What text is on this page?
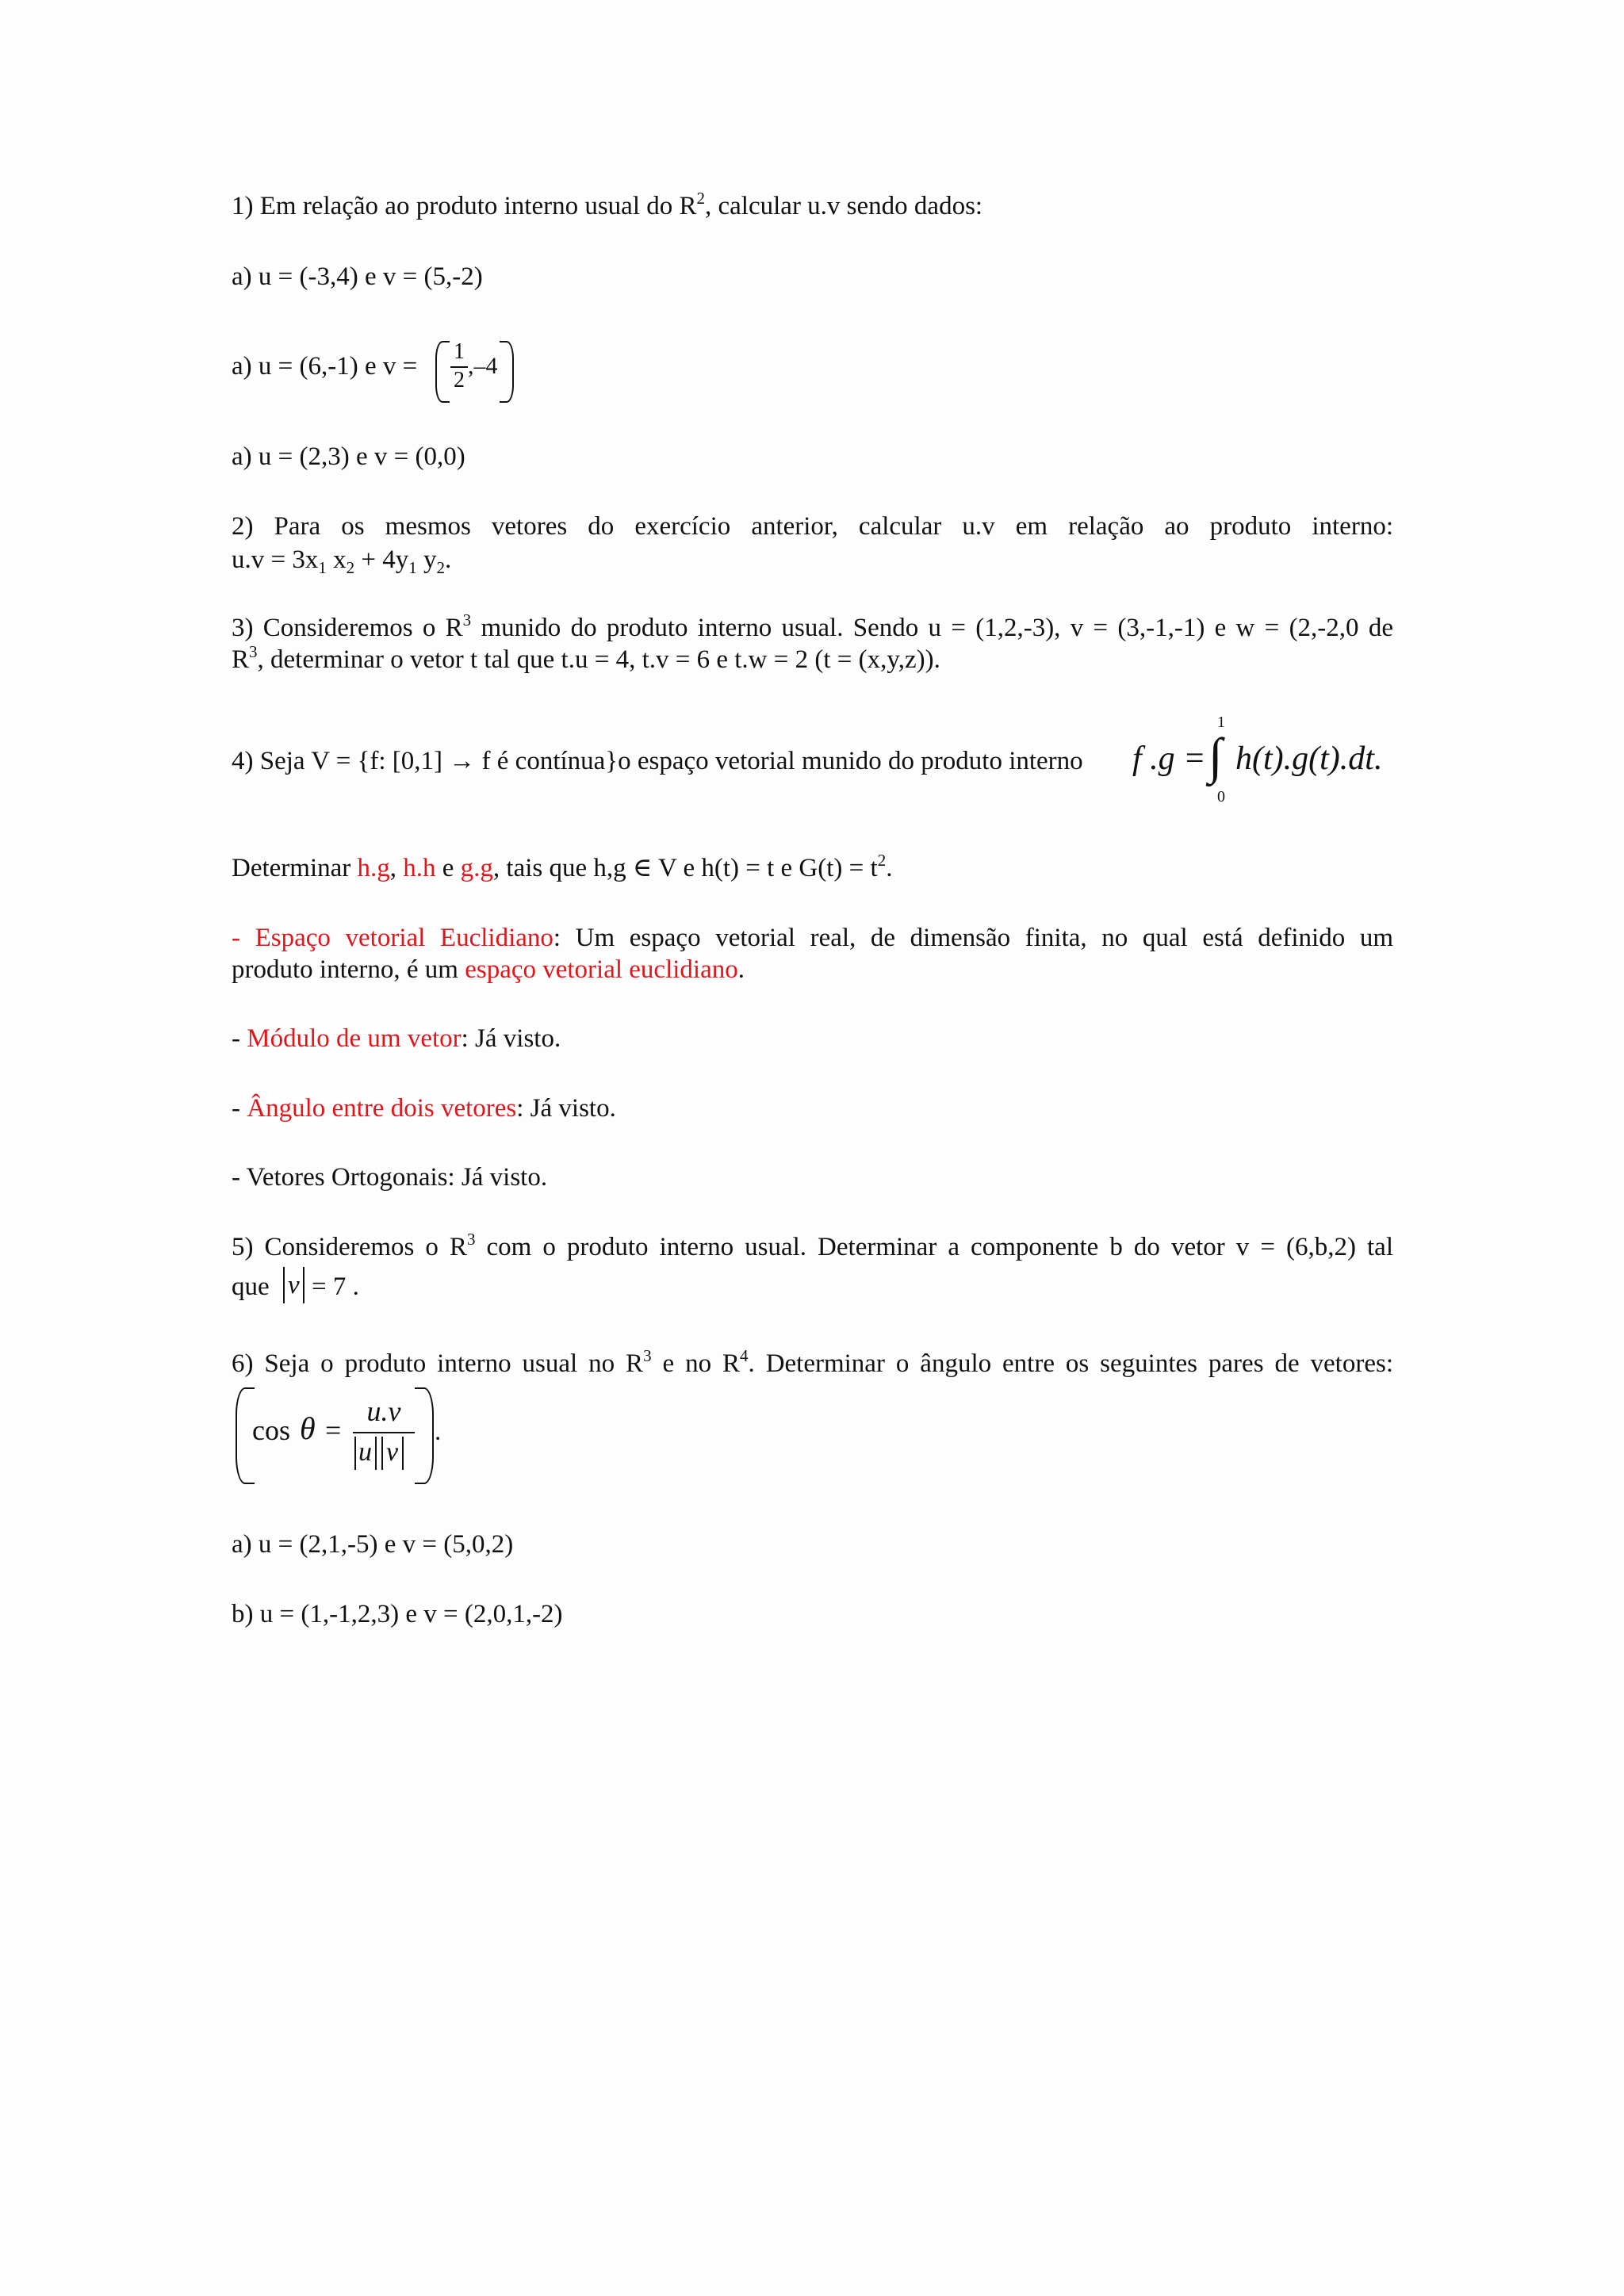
1) Em relação ao produto interno usual do $R^2$, calcular u.v sendo dados:
a) u = (-3,4) e v = (5,-2)
a) u = (6,-1) e v =
1
2
,–4
a) u = (2,3) e v = (0,0)
2) Para os mesmos vetores do exercício anterior, calcular u.v em relação ao produto interno:
$u.v = 3x_1$ $x_2 + 4y_1$ $y_2$.
3) Consideremos o $R^3$ munido do produto interno usual. Sendo u = (1,2,-3), v = (3,-1,-1) e w = (2,-2,0 de
$R^3$, determinar o vetor t tal que t.u = 4, t.v = 6 e t.w = 2 (t = (x,y,z)).
4) Seja V = {f: [0,1] → f é contínua}o espaço vetorial munido do produto interno f .g =
1
∫
0
h(t).g(t).dt.
Determinar h.g, h.h e g.g, tais que h,g ∈ V e h(t) = t e $G(t) = t^2$.
- Espaço vetorial Euclidiano: Um espaço vetorial real, de dimensão finita, no qual está definido um
produto interno, é um espaço vetorial euclidiano.
- Módulo de um vetor: Já visto.
- Ângulo entre dois vetores: Já visto.
- Vetores Ortogonais: Já visto.
5) Consideremos o $R^3$ com o produto interno usual. Determinar a componente b do vetor v = (6,b,2) tal
que v = 7 .
6) Seja o produto interno usual no $R^3$ e no $R^4$. Determinar o ângulo entre os seguintes pares de vetores:
cos θ =
u.v
u v
.
a) u = (2,1,-5) e v = (5,0,2)
b) u = (1,-1,2,3) e v = (2,0,1,-2)
